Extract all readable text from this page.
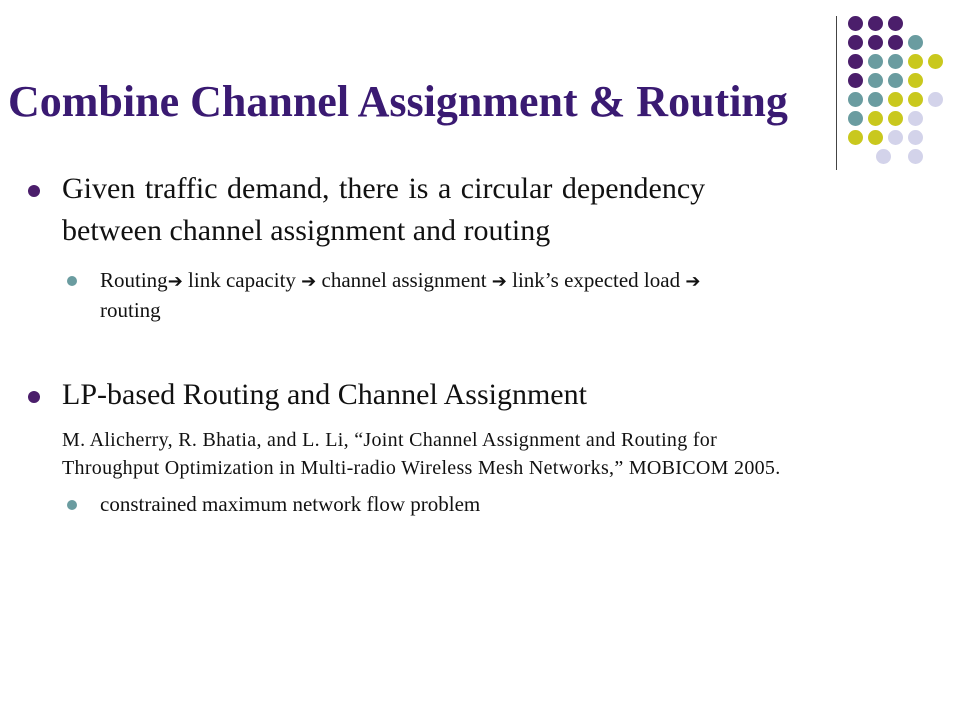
Combine Channel Assignment & Routing
Given traffic demand, there is a circular dependency
between channel assignment and routing
Routing➔ link capacity ➔ channel assignment ➔ link’s expected load ➔
routing
LP-based Routing and Channel Assignment
M. Alicherry, R. Bhatia, and L. Li, “Joint Channel Assignment and Routing for
Throughput Optimization in Multi-radio Wireless Mesh Networks,” MOBICOM 2005.
constrained maximum network flow problem
